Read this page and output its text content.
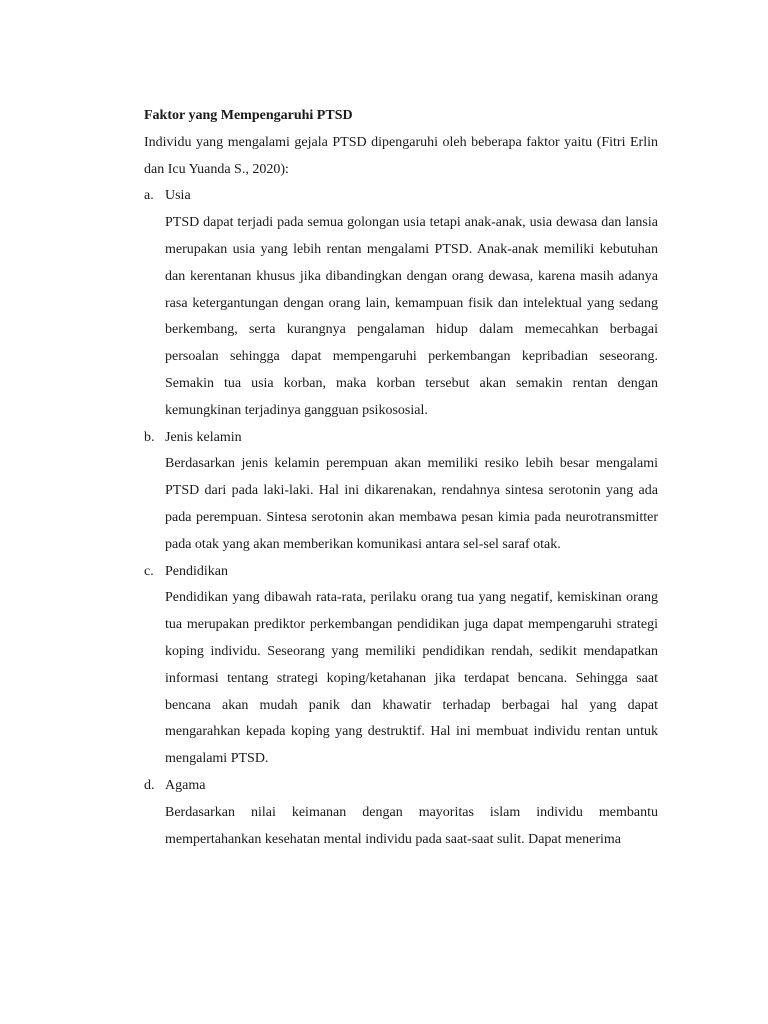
Faktor yang Mempengaruhi PTSD

Individu yang mengalami gejala PTSD dipengaruhi oleh beberapa faktor yaitu (Fitri Erlin dan Icu Yuanda S., 2020):

a. Usia

PTSD dapat terjadi pada semua golongan usia tetapi anak-anak, usia dewasa dan lansia merupakan usia yang lebih rentan mengalami PTSD. Anak-anak memiliki kebutuhan dan kerentanan khusus jika dibandingkan dengan orang dewasa, karena masih adanya rasa ketergantungan dengan orang lain, kemampuan fisik dan intelektual yang sedang berkembang, serta kurangnya pengalaman hidup dalam memecahkan berbagai persoalan sehingga dapat mempengaruhi perkembangan kepribadian seseorang. Semakin tua usia korban, maka korban tersebut akan semakin rentan dengan kemungkinan terjadinya gangguan psikososial.

b. Jenis kelamin

Berdasarkan jenis kelamin perempuan akan memiliki resiko lebih besar mengalami PTSD dari pada laki-laki. Hal ini dikarenakan, rendahnya sintesa serotonin yang ada pada perempuan. Sintesa serotonin akan membawa pesan kimia pada neurotransmitter pada otak yang akan memberikan komunikasi antara sel-sel saraf otak.

c. Pendidikan

Pendidikan yang dibawah rata-rata, perilaku orang tua yang negatif, kemiskinan orang tua merupakan prediktor perkembangan pendidikan juga dapat mempengaruhi strategi koping individu. Seseorang yang memiliki pendidikan rendah, sedikit mendapatkan informasi tentang strategi koping/ketahanan jika terdapat bencana. Sehingga saat bencana akan mudah panik dan khawatir terhadap berbagai hal yang dapat mengarahkan kepada koping yang destruktif. Hal ini membuat individu rentan untuk mengalami PTSD.

d. Agama

Berdasarkan nilai keimanan dengan mayoritas islam individu membantu mempertahankan kesehatan mental individu pada saat-saat sulit. Dapat menerima
